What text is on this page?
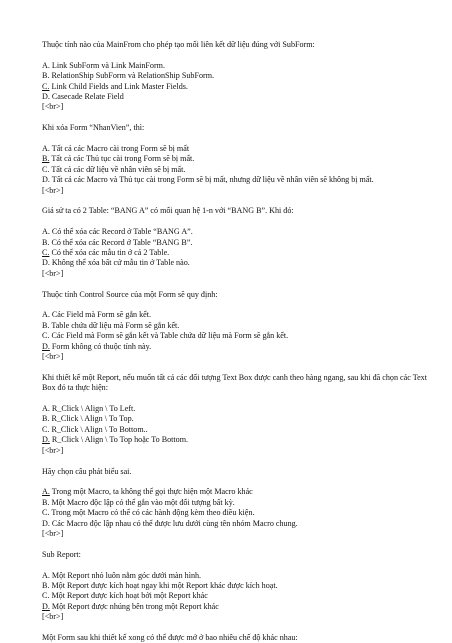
Thuộc tính nào của MainFrom cho phép tạo mối liên kết dữ liệu đúng với SubForm:

A. Link SubForm và Link MainForm.

B. RelationShip SubForm và RelationShip SubForm.

C. Link Child Fields and Link Master Fields.

D. Casecade Relate Field

[<br>]

Khi xóa Form “NhanVien”, thì:

A. Tất cả các Macro cài trong Form sẽ bị mất

B. Tất cả các Thủ tục cài trong Form sẽ bị mất.

C. Tất cả các dữ liệu về nhân viên sẽ bị mất.

D. Tất cả các Macro và Thủ tục cài trong Form sẽ bị mất, nhưng dữ liệu về nhân viên sẽ không bị mất.

[<br>]

Giả sử ta có 2 Table: “BANG A” có mối quan hệ 1-n với “BANG B”. Khi đó:

A. Có thể xóa các Record ở Table “BANG A”.

B. Có thể xóa các Record ở Table “BANG B”.

C. Có thể xóa các mẫu tin ở cả 2 Table.

D. Không thể xóa bất cứ mẫu tin ở Table nào.

[<br>]

Thuộc tính Control Source của một Form sẽ quy định:

A. Các Field mà Form sẽ gắn kết.

B. Table chứa dữ liệu mà Form sẽ gắn kết.

C. Các Field mà Form sẽ gắn kết và Table chứa dữ liệu mà Form sẽ gắn kết.

D. Form không có thuộc tính này.

[<br>]

Khi thiết kế một Report, nếu muốn tất cả các đối tượng Text Box được canh theo hàng ngang, sau khi đã chọn các Text Box đó ta thực hiện:

A. R_Click \ Align \ To Left.

B. R_Click \ Align \ To Top.

C. R_Click \ Align \ To Bottom..

D. R_Click \ Align \ To Top hoặc To Bottom.

[<br>]

Hãy chọn câu phát biểu sai.

A. Trong một Macro, ta không thể gọi thực hiện một Macro khác

B. Một Macro độc lập có thể gắn vào một đối tượng bất kỳ.

C. Trong một Macro có thể có các hành động kèm theo điều kiện.

D. Các Macro độc lập nhau có thể được lưu dưới cùng tên nhóm Macro chung.

[<br>]

Sub Report:

A. Một Report nhỏ luôn nằm góc dưới màn hình.

B. Một Report được kích hoạt ngay khi một Report khác được kích hoạt.

C. Một Report được kích hoạt bởi một Report khác

D. Một Report được nhúng bên trong một Report khác

[<br>]

Một Form sau khi thiết kế xong có thể được mở ở bao nhiêu chế độ khác nhau:
